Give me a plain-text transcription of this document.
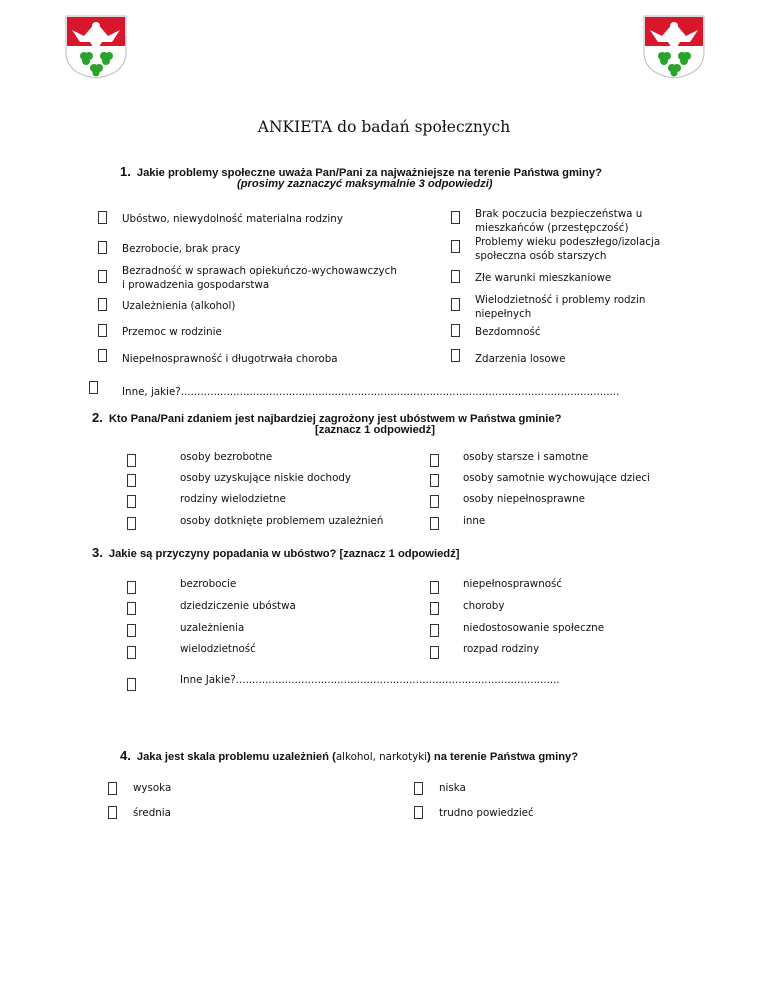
ANKIETA do badań społecznych
1. Jakie problemy społeczne uważa Pan/Pani za najważniejsze na terenie Państwa gminy?
(prosimy zaznaczyć maksymalnie 3 odpowiedzi)
Ubóstwo, niewydolność materialna rodziny
Bezrobocie, brak pracy
Bezradność w sprawach opiekuńczo-wychowawczych
i prowadzenia gospodarstwa
Uzależnienia (alkohol)
Przemoc w rodzinie
Niepełnosprawność i długotrwała choroba
Brak poczucia bezpieczeństwa u
mieszkańców (przestępczość)
Problemy wieku podeszłego/izolacja
społeczna osób starszych
Złe warunki mieszkaniowe
Wielodzietność i problemy rodzin
niepełnych
Bezdomność
Zdarzenia losowe
Inne, jakie?......................................................................................................................................
2. Kto Pana/Pani zdaniem jest najbardziej zagrożony jest ubóstwem w Państwa gminie?
[zaznacz 1 odpowiedź]
osoby bezrobotne
osoby uzyskujące niskie dochody
rodziny wielodzietne
osoby dotknięte problemem uzależnień
osoby starsze i samotne
osoby samotnie wychowujące dzieci
osoby niepełnosprawne
inne
3. Jakie są przyczyny popadania w ubóstwo? [zaznacz 1 odpowiedź]
bezrobocie
dziedziczenie ubóstwa
uzależnienia
wielodzietność
niepełnosprawność
choroby
niedostosowanie społeczne
rozpad rodziny
Inne Jakie?...................................................................................................
4. Jaka jest skala problemu uzależnień (alkohol, narkotyki) na terenie Państwa gminy?
wysoka
średnia
niska
trudno powiedzieć
